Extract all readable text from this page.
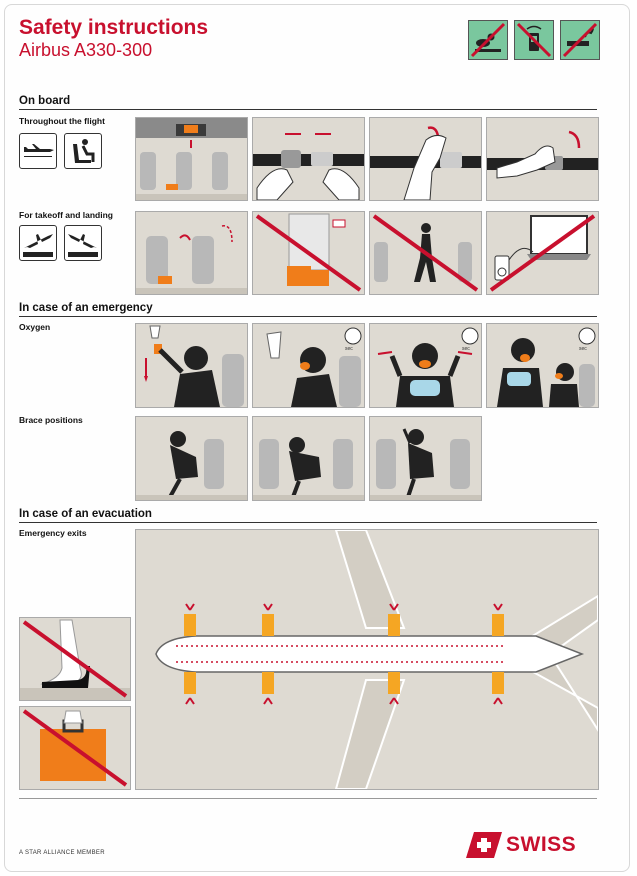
Safety instructions
Airbus A330-300
On board
Throughout the flight
For takeoff and landing
In case of an emergency
Oxygen
sec	sec	sec
Brace positions
In case of an evacuation
Emergency exits
A STAR ALLIANCE MEMBER	SWISS
